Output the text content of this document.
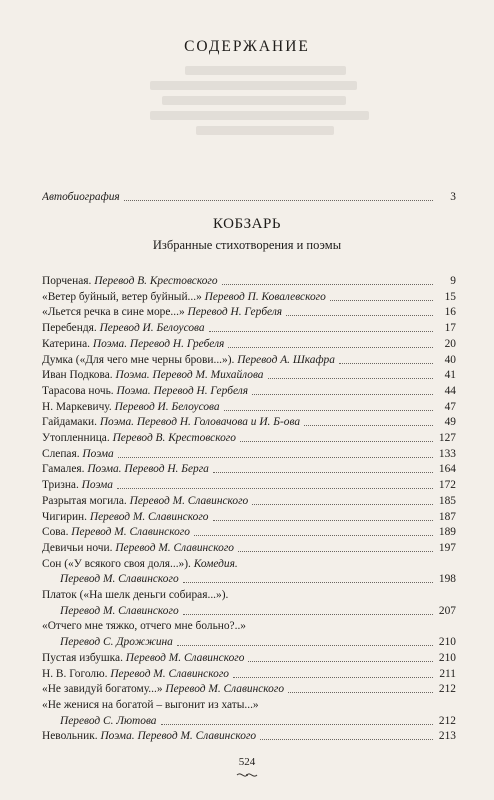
СОДЕРЖАНИЕ
Автобиография	3
КОБЗАРЬ
Избранные стихотворения и поэмы
Порченая. Перевод В. Крестовского	9
«Ветер буйный, ветер буйный...» Перевод П. Ковалевского	15
«Льется речка в сине море...» Перевод Н. Гербеля	16
Перебендя. Перевод И. Белоусова	17
Катерина. Поэма. Перевод Н. Гребеля	20
Думка («Для чего мне черны брови...»). Перевод А. Шкафра	40
Иван Подкова. Поэма. Перевод М. Михайлова	41
Тарасова ночь. Поэма. Перевод Н. Гербеля	44
Н. Маркевичу. Перевод И. Белоусова	47
Гайдамаки. Поэма. Перевод Н. Головачова и И. Б-ова	49
Утопленница. Перевод В. Крестовского	127
Слепая. Поэма	133
Гамалея. Поэма. Перевод Н. Берга	164
Тризна. Поэма	172
Разрытая могила. Перевод М. Славинского	185
Чигирин. Перевод М. Славинского	187
Сова. Перевод М. Славинского	189
Девичьи ночи. Перевод М. Славинского	197
Сон («У всякого своя доля...»). Комедия.
Перевод М. Славинского	198
Платок («На шелк деньги собирая...»).
Перевод М. Славинского	207
«Отчего мне тяжко, отчего мне больно?..»
Перевод С. Дрожжина	210
Пустая избушка. Перевод М. Славинского	210
Н. В. Гоголю. Перевод М. Славинского	211
«Не завидуй богатому...» Перевод М. Славинского	212
«Не женися на богатой – выгонит из хаты...»
Перевод С. Лютова	212
Невольник. Поэма. Перевод М. Славинского	213
524
